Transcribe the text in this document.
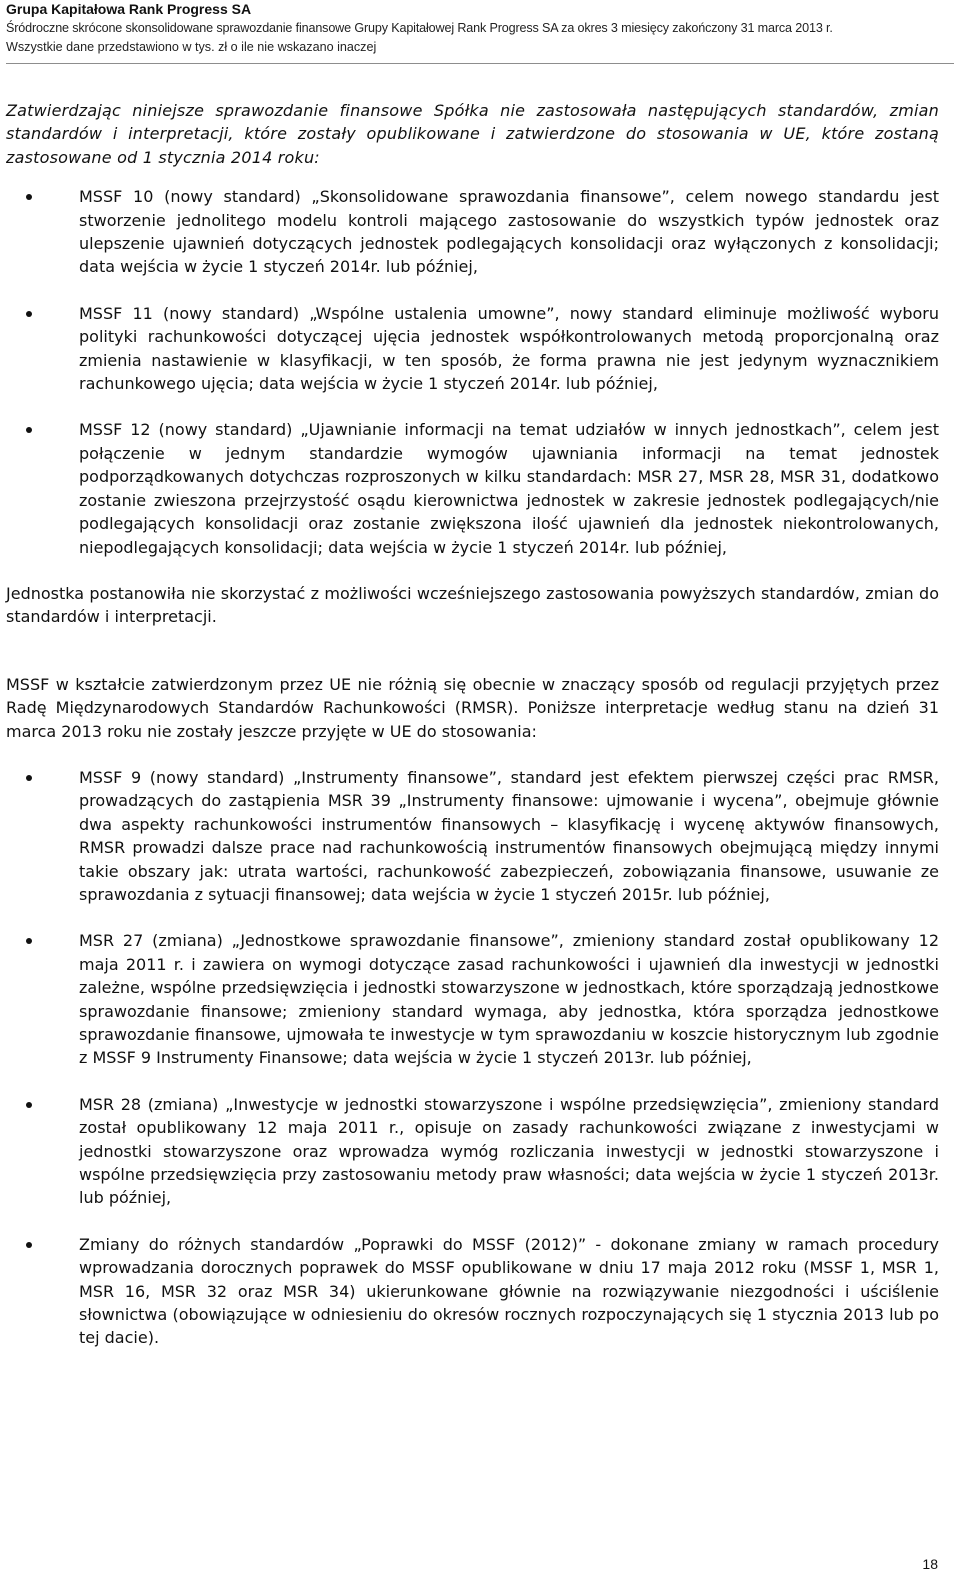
Grupa Kapitałowa Rank Progress SA
Śródroczne skrócone skonsolidowane sprawozdanie finansowe Grupy Kapitałowej Rank Progress SA za okres 3 miesięcy zakończony 31 marca 2013 r.
Wszystkie dane przedstawiono w tys. zł o ile nie wskazano inaczej

Zatwierdzając niniejsze sprawozdanie finansowe Spółka nie zastosowała następujących standardów, zmian standardów i interpretacji, które zostały opublikowane i zatwierdzone do stosowania w UE, które zostaną zastosowane od 1 stycznia 2014 roku:

MSSF 10 (nowy standard) „Skonsolidowane sprawozdania finansowe”, celem nowego standardu jest stworzenie jednolitego modelu kontroli mającego zastosowanie do wszystkich typów jednostek oraz ulepszenie ujawnień dotyczących jednostek podlegających konsolidacji oraz wyłączonych z konsolidacji; data wejścia w życie 1 styczeń 2014r. lub później,
MSSF 11 (nowy standard) „Wspólne ustalenia umowne”, nowy standard eliminuje możliwość wyboru polityki rachunkowości dotyczącej ujęcia jednostek współkontrolowanych metodą proporcjonalną oraz zmienia nastawienie w klasyfikacji, w ten sposób, że forma prawna nie jest jedynym wyznacznikiem rachunkowego ujęcia; data wejścia w życie 1 styczeń 2014r. lub później,
MSSF 12 (nowy standard) „Ujawnianie informacji na temat udziałów w innych jednostkach”, celem jest połączenie w jednym standardzie wymogów ujawniania informacji na temat jednostek podporządkowanych dotychczas rozproszonych w kilku standardach: MSR 27, MSR 28, MSR 31, dodatkowo zostanie zwieszona przejrzystość osądu kierownictwa jednostek w zakresie jednostek podlegających/nie podlegających konsolidacji oraz zostanie zwiększona ilość ujawnień dla jednostek niekontrolowanych, niepodlegających konsolidacji; data wejścia w życie 1 styczeń 2014r. lub później,

Jednostka postanowiła nie skorzystać z możliwości wcześniejszego zastosowania powyższych standardów, zmian do standardów i interpretacji.

MSSF w kształcie zatwierdzonym przez UE nie różnią się obecnie w znaczący sposób od regulacji przyjętych przez Radę Międzynarodowych Standardów Rachunkowości (RMSR). Poniższe interpretacje według stanu na dzień 31 marca 2013 roku nie zostały jeszcze przyjęte w UE do stosowania:

MSSF 9 (nowy standard) „Instrumenty finansowe”, standard jest efektem pierwszej części prac RMSR, prowadzących do zastąpienia MSR 39 „Instrumenty finansowe: ujmowanie i wycena”, obejmuje głównie dwa aspekty rachunkowości instrumentów finansowych – klasyfikację i wycenę aktywów finansowych, RMSR prowadzi dalsze prace nad rachunkowością instrumentów finansowych obejmującą między innymi takie obszary jak: utrata wartości, rachunkowość zabezpieczeń, zobowiązania finansowe, usuwanie ze sprawozdania z sytuacji finansowej; data wejścia w życie 1 styczeń 2015r. lub później,
MSR 27 (zmiana) „Jednostkowe sprawozdanie finansowe”, zmieniony standard został opublikowany 12 maja 2011 r. i zawiera on wymogi dotyczące zasad rachunkowości i ujawnień dla inwestycji w jednostki zależne, wspólne przedsięwzięcia i jednostki stowarzyszone w jednostkach, które sporządzają jednostkowe sprawozdanie finansowe; zmieniony standard wymaga, aby jednostka, która sporządza jednostkowe sprawozdanie finansowe, ujmowała te inwestycje w tym sprawozdaniu w koszcie historycznym lub zgodnie z MSSF 9 Instrumenty Finansowe; data wejścia w życie 1 styczeń 2013r. lub później,
MSR 28 (zmiana) „Inwestycje w jednostki stowarzyszone i wspólne przedsięwzięcia”, zmieniony standard został opublikowany 12 maja 2011 r., opisuje on zasady rachunkowości związane z inwestycjami w jednostki stowarzyszone oraz wprowadza wymóg rozliczania inwestycji w jednostki stowarzyszone i wspólne przedsięwzięcia przy zastosowaniu metody praw własności; data wejścia w życie 1 styczeń 2013r. lub później,
Zmiany do różnych standardów „Poprawki do MSSF (2012)” - dokonane zmiany w ramach procedury wprowadzania dorocznych poprawek do MSSF opublikowane w dniu 17 maja 2012 roku (MSSF 1, MSR 1, MSR 16, MSR 32 oraz MSR 34) ukierunkowane głównie na rozwiązywanie niezgodności i uściślenie słownictwa (obowiązujące w odniesieniu do okresów rocznych rozpoczynających się 1 stycznia 2013 lub po tej dacie).
18
